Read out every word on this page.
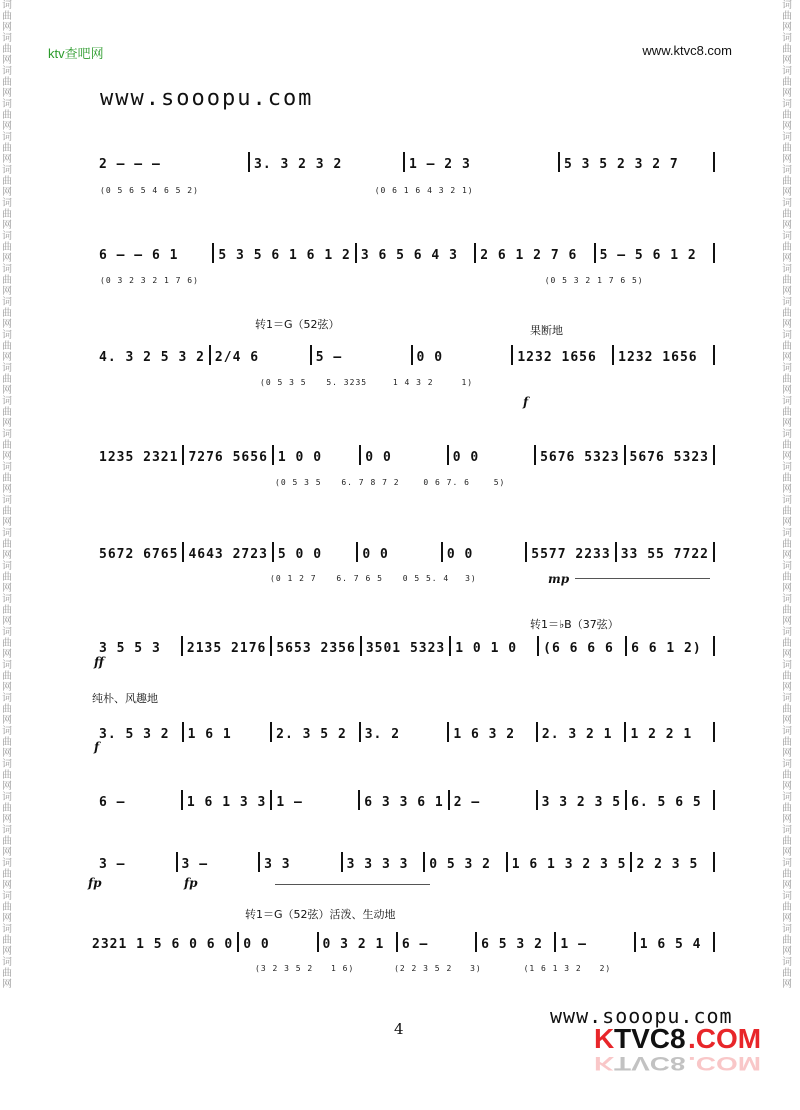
词曲网词曲网词曲网词曲网词曲网词曲网词曲网词曲网词曲网词曲网词曲网词曲网词曲网词曲网词曲网词曲网词曲网词曲网词曲网词曲网词曲网词曲网词曲网词曲网词曲网词曲网词曲网词曲网词曲网词曲网
词曲网词曲网词曲网词曲网词曲网词曲网词曲网词曲网词曲网词曲网词曲网词曲网词曲网词曲网词曲网词曲网词曲网词曲网词曲网词曲网词曲网词曲网词曲网词曲网词曲网词曲网词曲网词曲网词曲网词曲网
ktv查吧网	www.ktvc8.com
www.sooopu.com
转1＝G（52弦）	果断地
转1＝♭B（37弦）
纯朴、风趣地
转1＝G（52弦）活泼、生动地
f
mp
ff
f
fp	fp
2 – – –	3. 3 2 3 2	1 – 2 3	5 3 5 2 3 2 7
(0 5 6 5 4 6 5 2)	(0 6 1 6 4 3 2 1)
6 – – 6 1	5 3 5 6 1 6 1 2 3 6 5 6 4 3	2 6 1 2 7 6	5 – 5 6 1 2
(0 3 2 3 2 1 7 6)	(0 5 3 2 1 7 6 5)
4. 3 2 5 3 2 2/4 6	5 –	0 0	1232 1656	1232 1656
(0 5 3 5 5. 3235	1 4 3 2	1)
1235 2321 7276 5656 1 0 0	0 0	0 0	5676 5323 5676 5323
(0 5 3 5 6. 7 8 7 2	0 6 7. 6	5)
5672 6765 4643 2723 5 0 0	0 0	0 0	5577 2233 33 55 7722
(0 1 2 7 6. 7 6 5 0 5 5. 4 3)
3 5 5 3	2135 2176 5653 2356 3501 5323 1 0 1 0	(6 6 6 6	6 6 1 2)
3. 5 3 2	1 6 1	2. 3 5 2	3. 2	1 6 3 2	2. 3 2 1	1 2 2 1
6 –	1 6 1 3 3 1 –	6 3 3 6 1 2 –	3 3 2 3 5 6. 5 6 5
3 –	3 –	3 3	3 3 3 3	0 5 3 2	1 6 1 3 2 3 5 2 2 3 5
2321 1 5 6 0 6 0 0 0	0 3 2 1	6 –	6 5 3 2	1 –	1 6 5 4
(3 2 3 5 2 1 6)	(2 2 3 5 2 3)	(1 6 1 3 2 2)
4
www.sooopu.com
K
TVC8 .COM
K TVC8 .COM
